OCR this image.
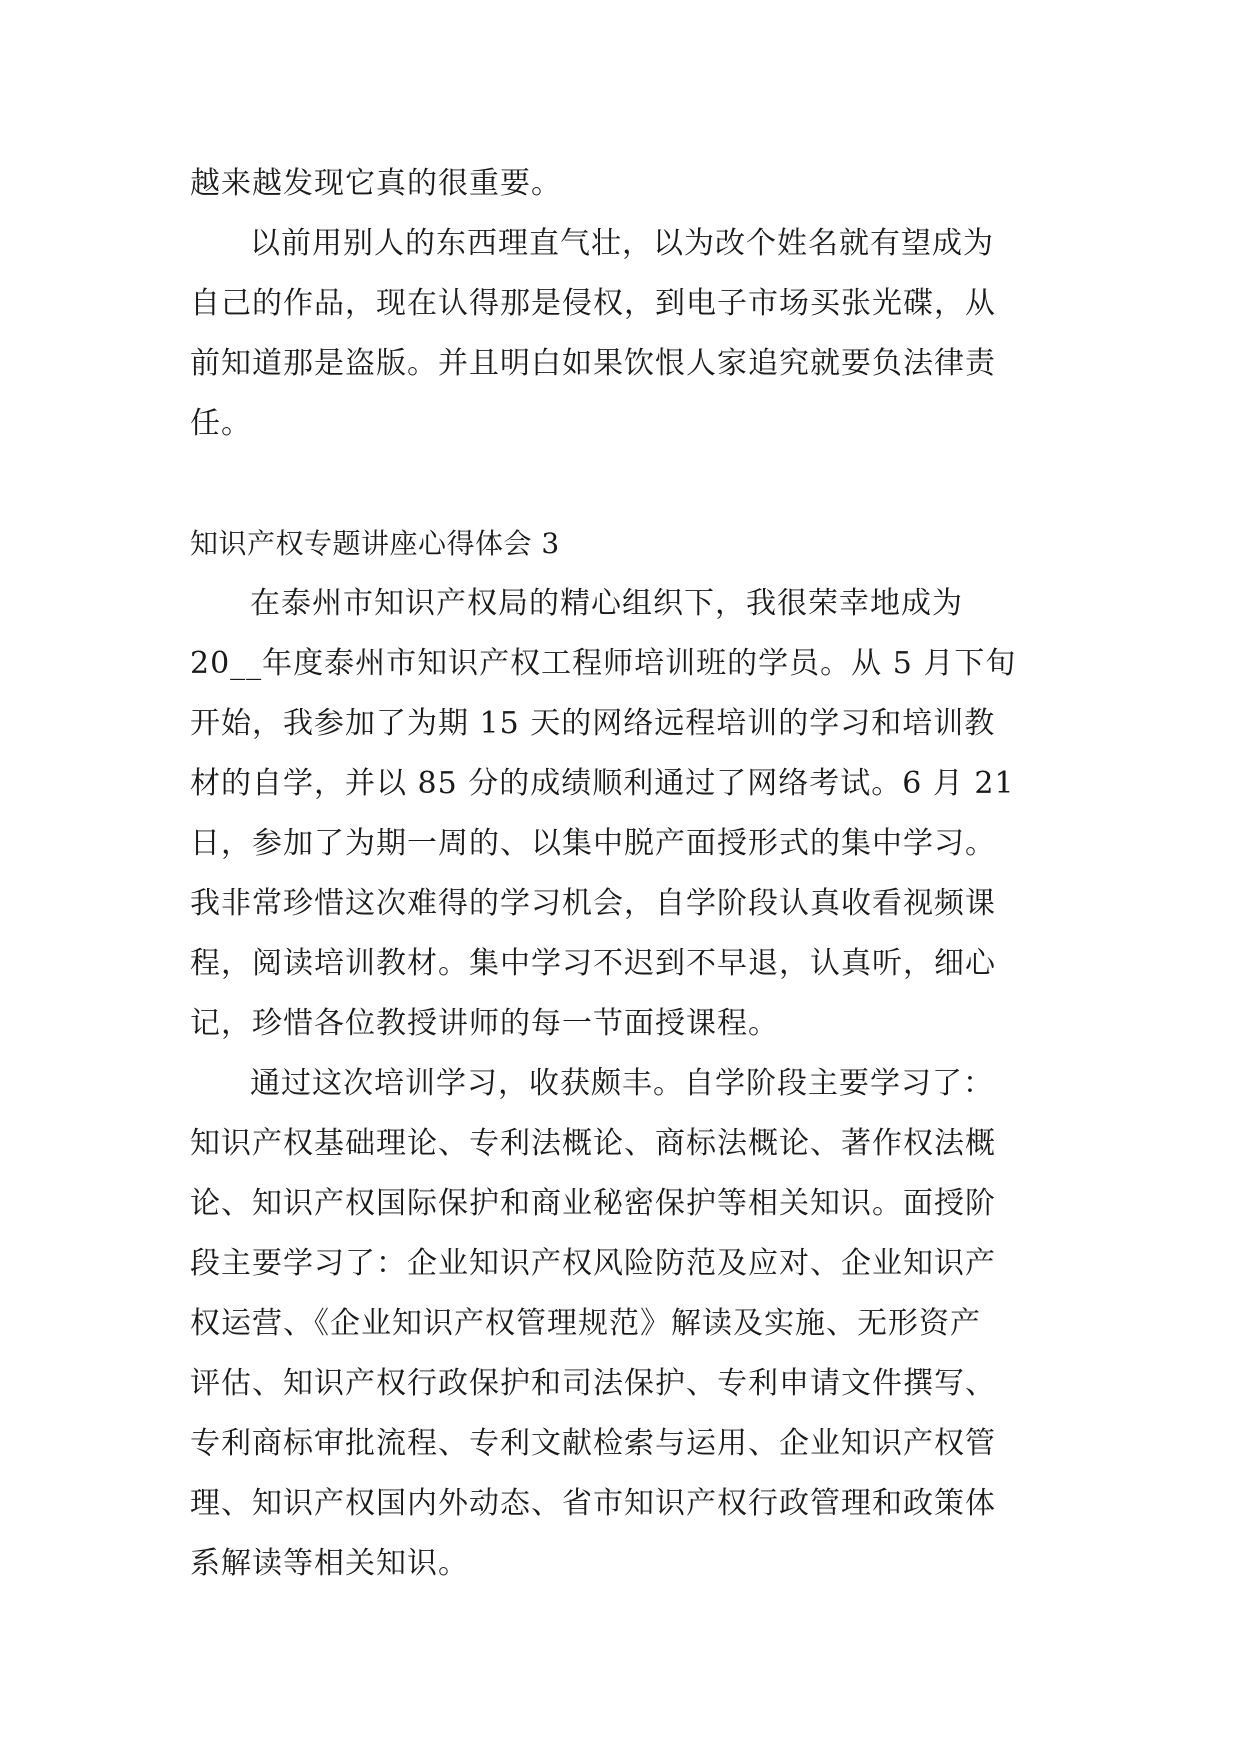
越来越发现它真的很重要。

以前用别人的东西理直气壮，以为改个姓名就有望成为
自己的作品，现在认得那是侵权，到电子市场买张光碟，从
前知道那是盗版。并且明白如果饮恨人家追究就要负法律责
任。

知识产权专题讲座心得体会 3

在泰州市知识产权局的精心组织下，我很荣幸地成为
20__年度泰州市知识产权工程师培训班的学员。从 5 月下旬
开始，我参加了为期 15 天的网络远程培训的学习和培训教
材的自学，并以 85 分的成绩顺利通过了网络考试。6 月 21
日，参加了为期一周的、以集中脱产面授形式的集中学习。
我非常珍惜这次难得的学习机会，自学阶段认真收看视频课
程，阅读培训教材。集中学习不迟到不早退，认真听，细心
记，珍惜各位教授讲师的每一节面授课程。

通过这次培训学习，收获颇丰。自学阶段主要学习了：
知识产权基础理论、专利法概论、商标法概论、著作权法概
论、知识产权国际保护和商业秘密保护等相关知识。面授阶
段主要学习了：企业知识产权风险防范及应对、企业知识产
权运营、《企业知识产权管理规范》解读及实施、无形资产
评估、知识产权行政保护和司法保护、专利申请文件撰写、
专利商标审批流程、专利文献检索与运用、企业知识产权管
理、知识产权国内外动态、省市知识产权行政管理和政策体
系解读等相关知识。
